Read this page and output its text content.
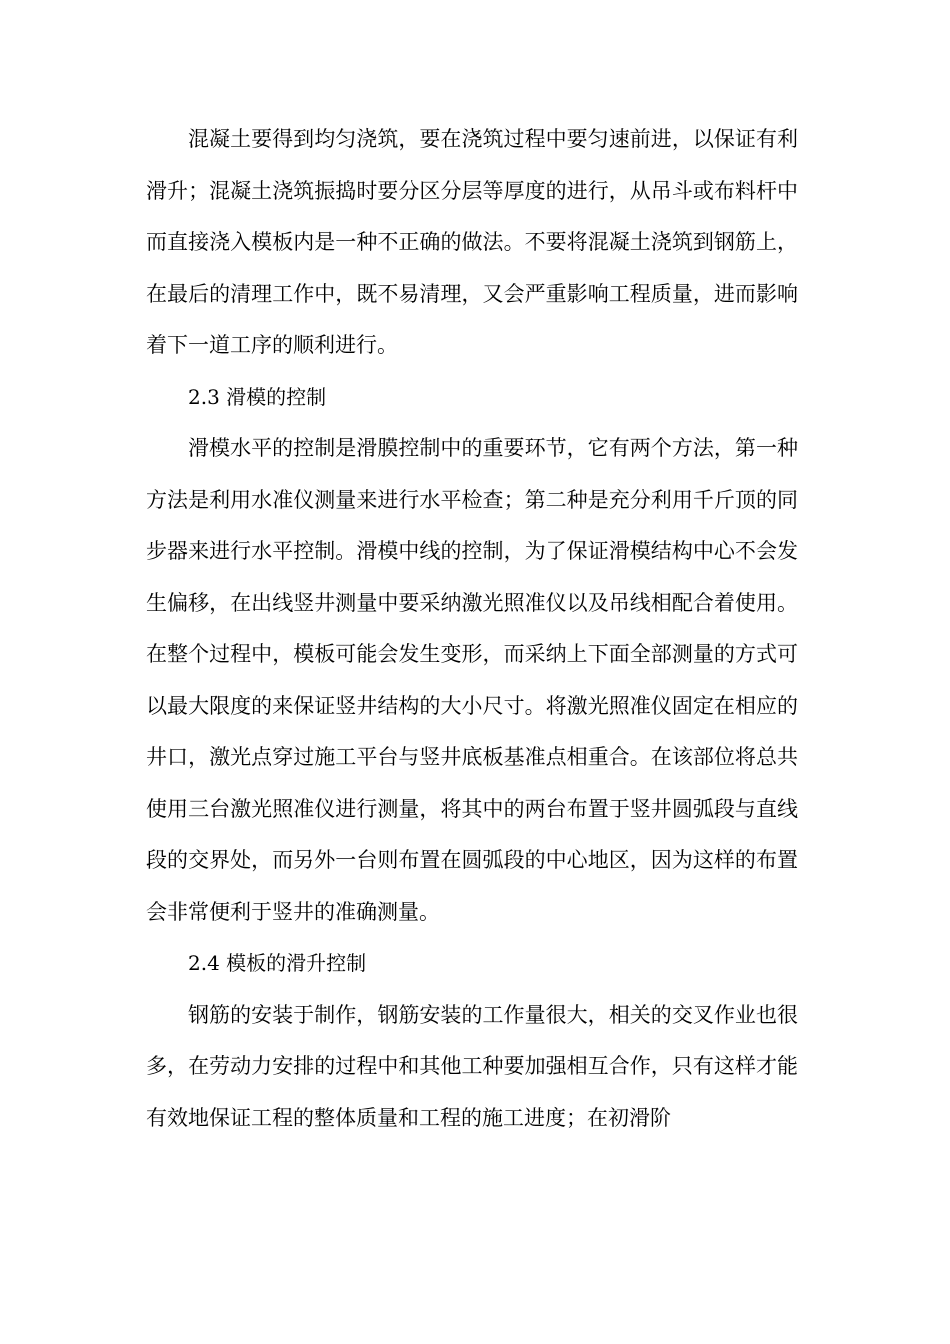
混凝土要得到均匀浇筑，要在浇筑过程中要匀速前进，以保证有利滑升；混凝土浇筑振捣时要分区分层等厚度的进行，从吊斗或布料杆中而直接浇入模板内是一种不正确的做法。不要将混凝土浇筑到钢筋上，在最后的清理工作中，既不易清理，又会严重影响工程质量，进而影响着下一道工序的顺利进行。

2.3 滑模的控制

滑模水平的控制是滑膜控制中的重要环节，它有两个方法，第一种方法是利用水准仪测量来进行水平检查；第二种是充分利用千斤顶的同步器来进行水平控制。滑模中线的控制，为了保证滑模结构中心不会发生偏移，在出线竖井测量中要采纳激光照准仪以及吊线相配合着使用。在整个过程中，模板可能会发生变形，而采纳上下面全部测量的方式可以最大限度的来保证竖井结构的大小尺寸。将激光照准仪固定在相应的井口，激光点穿过施工平台与竖井底板基准点相重合。在该部位将总共使用三台激光照准仪进行测量，将其中的两台布置于竖井圆弧段与直线段的交界处，而另外一台则布置在圆弧段的中心地区，因为这样的布置会非常便利于竖井的准确测量。

2.4 模板的滑升控制

钢筋的安装于制作，钢筋安装的工作量很大，相关的交叉作业也很多，在劳动力安排的过程中和其他工种要加强相互合作，只有这样才能有效地保证工程的整体质量和工程的施工进度；在初滑阶
